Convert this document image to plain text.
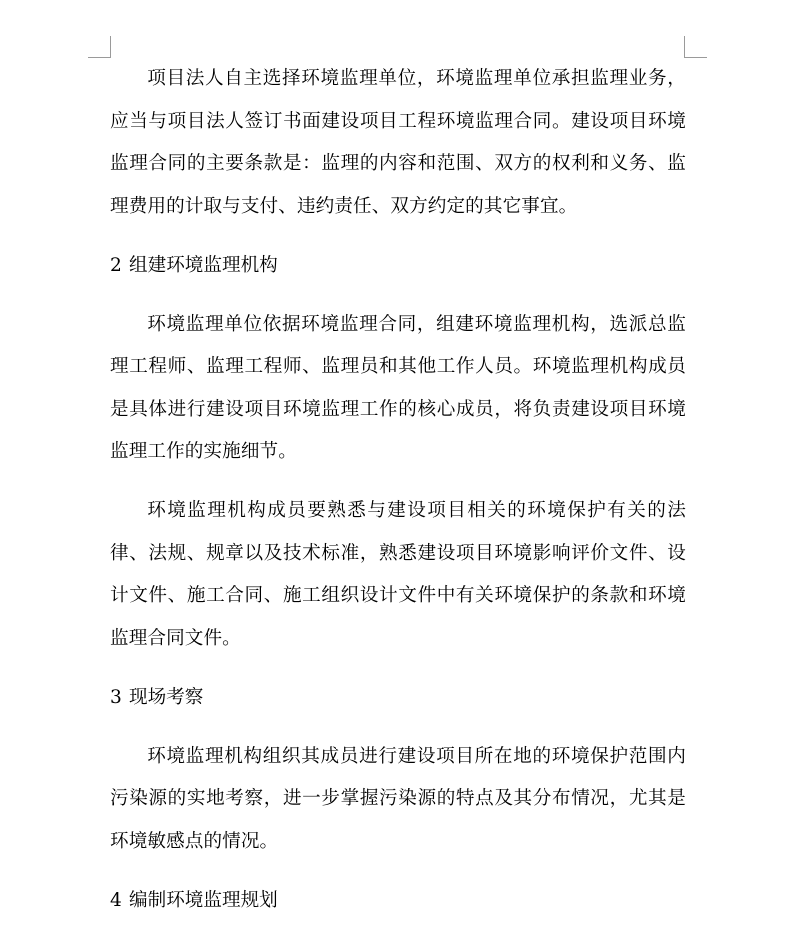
项目法人自主选择环境监理单位，环境监理单位承担监理业务，应当与项目法人签订书面建设项目工程环境监理合同。建设项目环境监理合同的主要条款是：监理的内容和范围、双方的权利和义务、监理费用的计取与支付、违约责任、双方约定的其它事宜。

2 组建环境监理机构

环境监理单位依据环境监理合同，组建环境监理机构，选派总监理工程师、监理工程师、监理员和其他工作人员。环境监理机构成员是具体进行建设项目环境监理工作的核心成员，将负责建设项目环境监理工作的实施细节。

环境监理机构成员要熟悉与建设项目相关的环境保护有关的法律、法规、规章以及技术标准，熟悉建设项目环境影响评价文件、设计文件、施工合同、施工组织设计文件中有关环境保护的条款和环境监理合同文件。

3 现场考察

环境监理机构组织其成员进行建设项目所在地的环境保护范围内污染源的实地考察，进一步掌握污染源的特点及其分布情况，尤其是环境敏感点的情况。

4 编制环境监理规划
